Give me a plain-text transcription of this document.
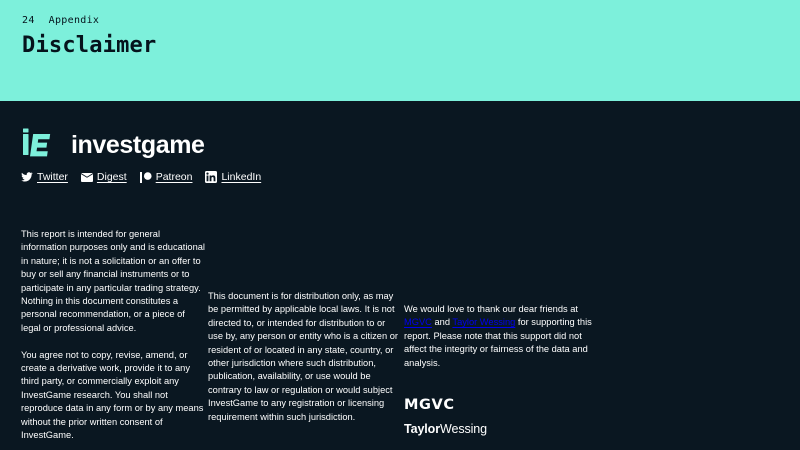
24 Appendix
Disclaimer
investgame
Twitter	Digest	Patreon	LinkedIn

This report is intended for general information purposes only and is educational in nature; it is not a solicitation or an offer to buy or sell any financial instruments or to participate in any particular trading strategy. Nothing in this document constitutes a personal recommendation, or a piece of legal or professional advice.

You agree not to copy, revise, amend, or create a derivative work, provide it to any third party, or commercially exploit any InvestGame research. You shall not reproduce data in any form or by any means without the prior written consent of InvestGame.

This document is for distribution only, as may be permitted by applicable local laws. It is not directed to, or intended for distribution to or use by, any person or entity who is a citizen or resident of or located in any state, country, or other jurisdiction where such distribution, publication, availability, or use would be contrary to law or regulation or would subject InvestGame to any registration or licensing requirement within such jurisdiction.

We would love to thank our dear friends at MGVC and Taylor Wessing for supporting this report. Please note that this support did not affect the integrity or fairness of the data and analysis.

MGVC
TaylorWessing
